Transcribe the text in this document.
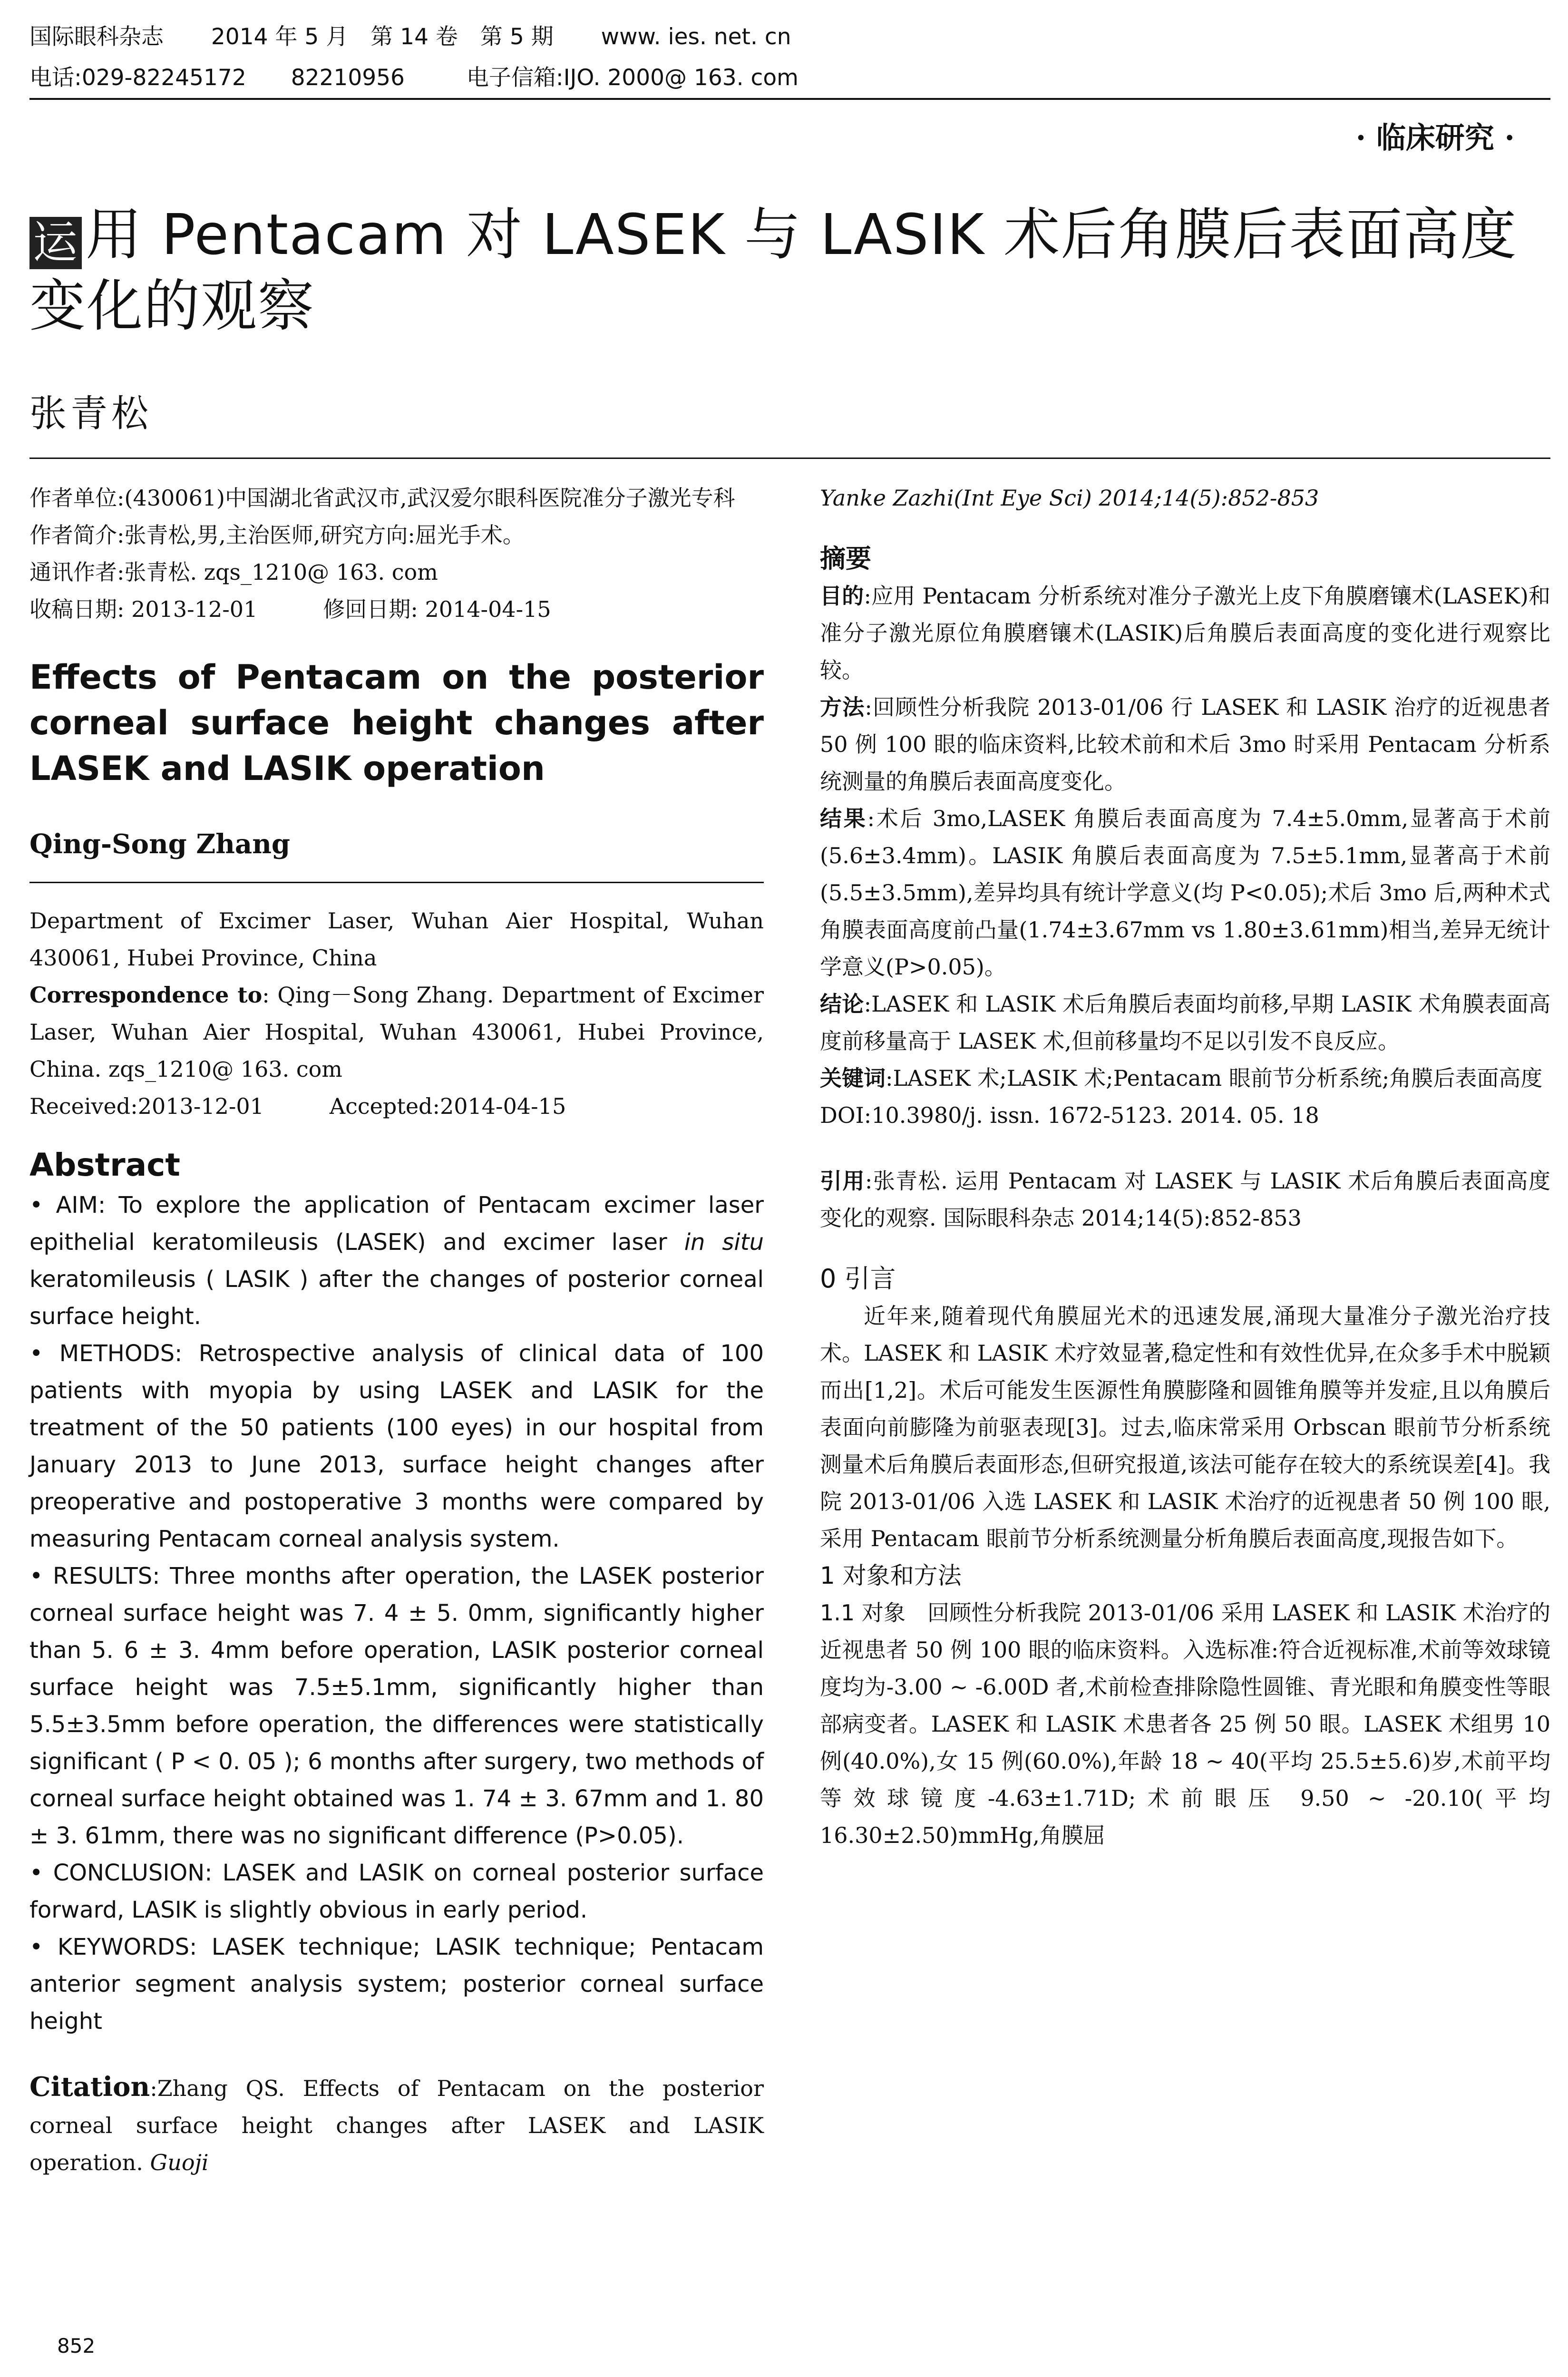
国际眼科杂志 2014 年 5 月　第 14 卷　第 5 期 www. ies. net. cn
电话:029-82245172　　82210956	电子信箱:IJO. 2000@ 163. com
· 临床研究 ·
运 用 Pentacam 对 LASEK 与 LASIK 术后角膜后表面高度
变化的观察
张青松

作者单位:(430061)中国湖北省武汉市,武汉爱尔眼科医院准分子激光专科

作者简介:张青松,男,主治医师,研究方向:屈光手术。

通讯作者:张青松. zqs_1210@ 163. com

收稿日期: 2013-12-01　　　修回日期: 2014-04-15

Effects of Pentacam on the posterior corneal surface height changes after LASEK and LASIK operation
Qing-Song Zhang

Department of Excimer Laser, Wuhan Aier Hospital, Wuhan 430061, Hubei Province, China

Correspondence to: Qing－Song Zhang. Department of Excimer Laser, Wuhan Aier Hospital, Wuhan 430061, Hubei Province, China. zqs_1210@ 163. com

Received:2013-12-01　　　Accepted:2014-04-15

Abstract

• AIM: To explore the application of Pentacam excimer laser epithelial keratomileusis (LASEK) and excimer laser in situ keratomileusis ( LASIK ) after the changes of posterior corneal surface height.

• METHODS: Retrospective analysis of clinical data of 100 patients with myopia by using LASEK and LASIK for the treatment of the 50 patients (100 eyes) in our hospital from January 2013 to June 2013, surface height changes after preoperative and postoperative 3 months were compared by measuring Pentacam corneal analysis system.

• RESULTS: Three months after operation, the LASEK posterior corneal surface height was 7. 4 ± 5. 0mm, significantly higher than 5. 6 ± 3. 4mm before operation, LASIK posterior corneal surface height was 7.5±5.1mm, significantly higher than 5.5±3.5mm before operation, the differences were statistically significant ( P < 0. 05 ); 6 months after surgery, two methods of corneal surface height obtained was 1. 74 ± 3. 67mm and 1. 80 ± 3. 61mm, there was no significant difference (P>0.05).

• CONCLUSION: LASEK and LASIK on corneal posterior surface forward, LASIK is slightly obvious in early period.

• KEYWORDS: LASEK technique; LASIK technique; Pentacam anterior segment analysis system; posterior corneal surface height

Citation:Zhang QS. Effects of Pentacam on the posterior corneal surface height changes after LASEK and LASIK operation. Guoji

Yanke Zazhi(Int Eye Sci) 2014;14(5):852-853

摘要

目的:应用 Pentacam 分析系统对准分子激光上皮下角膜磨镶术(LASEK)和准分子激光原位角膜磨镶术(LASIK)后角膜后表面高度的变化进行观察比较。

方法:回顾性分析我院 2013-01/06 行 LASEK 和 LASIK 治疗的近视患者 50 例 100 眼的临床资料,比较术前和术后 3mo 时采用 Pentacam 分析系统测量的角膜后表面高度变化。

结果:术后 3mo,LASEK 角膜后表面高度为 7.4±5.0mm,显著高于术前(5.6±3.4mm)。LASIK 角膜后表面高度为 7.5±5.1mm,显著高于术前(5.5±3.5mm),差异均具有统计学意义(均 P<0.05);术后 3mo 后,两种术式角膜表面高度前凸量(1.74±3.67mm vs 1.80±3.61mm)相当,差异无统计学意义(P>0.05)。

结论:LASEK 和 LASIK 术后角膜后表面均前移,早期 LASIK 术角膜表面高度前移量高于 LASEK 术,但前移量均不足以引发不良反应。

关键词:LASEK 术;LASIK 术;Pentacam 眼前节分析系统;角膜后表面高度

DOI:10.3980/j. issn. 1672-5123. 2014. 05. 18

引用:张青松. 运用 Pentacam 对 LASEK 与 LASIK 术后角膜后表面高度变化的观察. 国际眼科杂志 2014;14(5):852-853

0 引言

近年来,随着现代角膜屈光术的迅速发展,涌现大量准分子激光治疗技术。LASEK 和 LASIK 术疗效显著,稳定性和有效性优异,在众多手术中脱颖而出[1,2]。术后可能发生医源性角膜膨隆和圆锥角膜等并发症,且以角膜后表面向前膨隆为前驱表现[3]。过去,临床常采用 Orbscan 眼前节分析系统测量术后角膜后表面形态,但研究报道,该法可能存在较大的系统误差[4]。我院 2013-01/06 入选 LASEK 和 LASIK 术治疗的近视患者 50 例 100 眼,采用 Pentacam 眼前节分析系统测量分析角膜后表面高度,现报告如下。

1 对象和方法

1.1 对象　回顾性分析我院 2013-01/06 采用 LASEK 和 LASIK 术治疗的近视患者 50 例 100 眼的临床资料。入选标准:符合近视标准,术前等效球镜度均为-3.00 ~ -6.00D 者,术前检查排除隐性圆锥、青光眼和角膜变性等眼部病变者。LASEK 和 LASIK 术患者各 25 例 50 眼。LASEK 术组男 10 例(40.0%),女 15 例(60.0%),年龄 18 ~ 40(平均 25.5±5.6)岁,术前平均等效球镜度-4.63±1.71D;术前眼压 9.50 ~ -20.10(平均 16.30±2.50)mmHg,角膜屈

852
